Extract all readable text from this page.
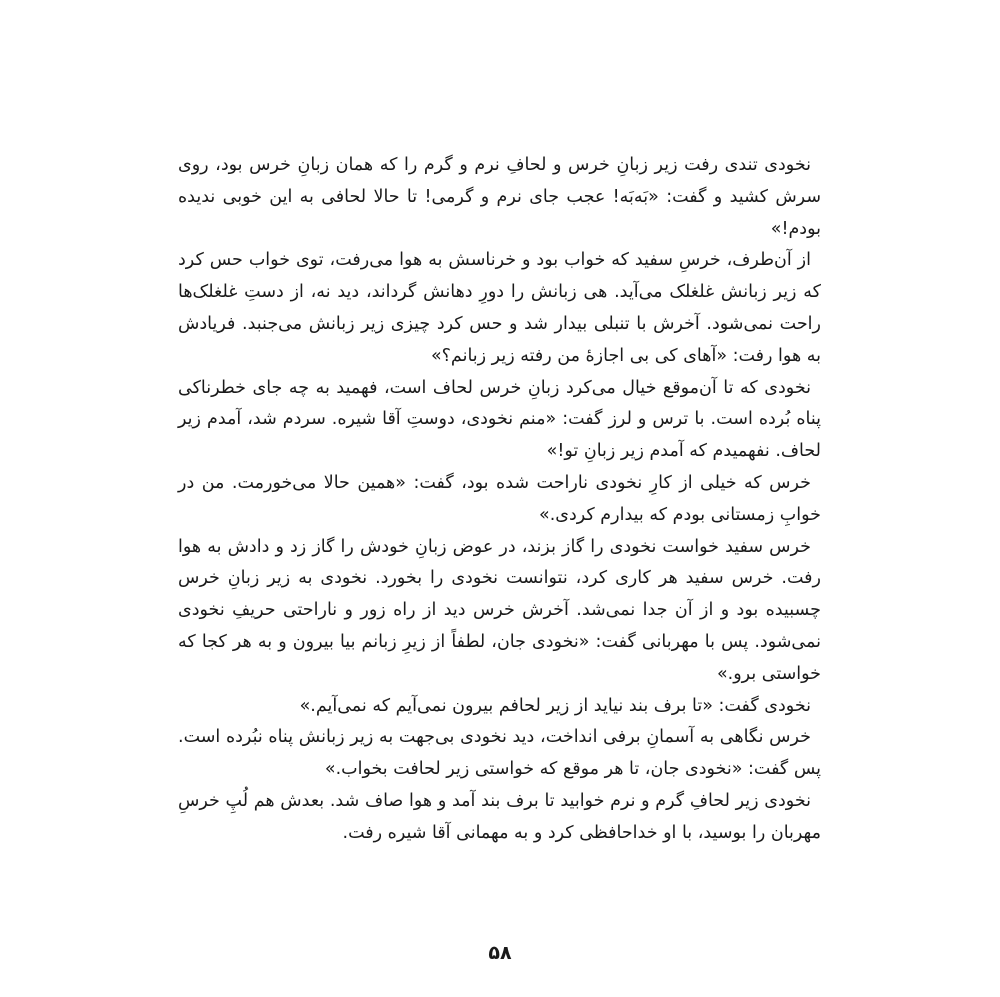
نخودی تندی رفت زیر زبانِ خرس و لحافِ نرم و گرم را که همان زبانِ خرس بود، روی سرش کشید و گفت: «بَه‌بَه! عجب جای نرم و گرمی! تا حالا لحافی به این خوبی ندیده بودم!»

از آن‌طرف، خرسِ سفید که خواب بود و خرناسش به هوا می‌رفت، توی خواب حس کرد که زیر زبانش غلغلک می‌آید. هی زبانش را دورِ دهانش گرداند، دید نه، از دستِ غلغلک‌ها راحت نمی‌شود. آخرش با تنبلی بیدار شد و حس کرد چیزی زیر زبانش می‌جنبد. فریادش به هوا رفت: «آهای کی بی اجازهٔ من رفته زیر زبانم؟»

نخودی که تا آن‌موقع خیال می‌کرد زبانِ خرس لحاف است، فهمید به چه جای خطرناکی پناه بُرده است. با ترس و لرز گفت: «منم نخودی، دوستِ آقا شیره. سردم شد، آمدم زیر لحاف. نفهمیدم که آمدم زیر زبانِ تو!»

خرس که خیلی از کارِ نخودی ناراحت شده بود، گفت: «همین حالا می‌خورمت. من در خوابِ زمستانی بودم که بیدارم کردی.»

خرس سفید خواست نخودی را گاز بزند، در عوض زبانِ خودش را گاز زد و دادش به هوا رفت. خرس سفید هر کاری کرد، نتوانست نخودی را بخورد. نخودی به زیر زبانِ خرس چسبیده بود و از آن جدا نمی‌شد. آخرش خرس دید از راه زور و ناراحتی حریفِ نخودی نمی‌شود. پس با مهربانی گفت: «نخودی جان، لطفاً از زیرِ زبانم بیا بیرون و به هر کجا که خواستی برو.»

نخودی گفت: «تا برف بند نیاید از زیر لحافم بیرون نمی‌آیم که نمی‌آیم.»

خرس نگاهی به آسمانِ برفی انداخت، دید نخودی بی‌جهت به زیر زبانش پناه نبُرده است. پس گفت: «نخودی جان، تا هر موقع که خواستی زیر لحافت بخواب.»

نخودی زیر لحافِ گرم و نرم خوابید تا برف بند آمد و هوا صاف شد. بعدش هم لُپِ خرسِ مهربان را بوسید، با او خداحافظی کرد و به مهمانی آقا شیره رفت.

۵۸
